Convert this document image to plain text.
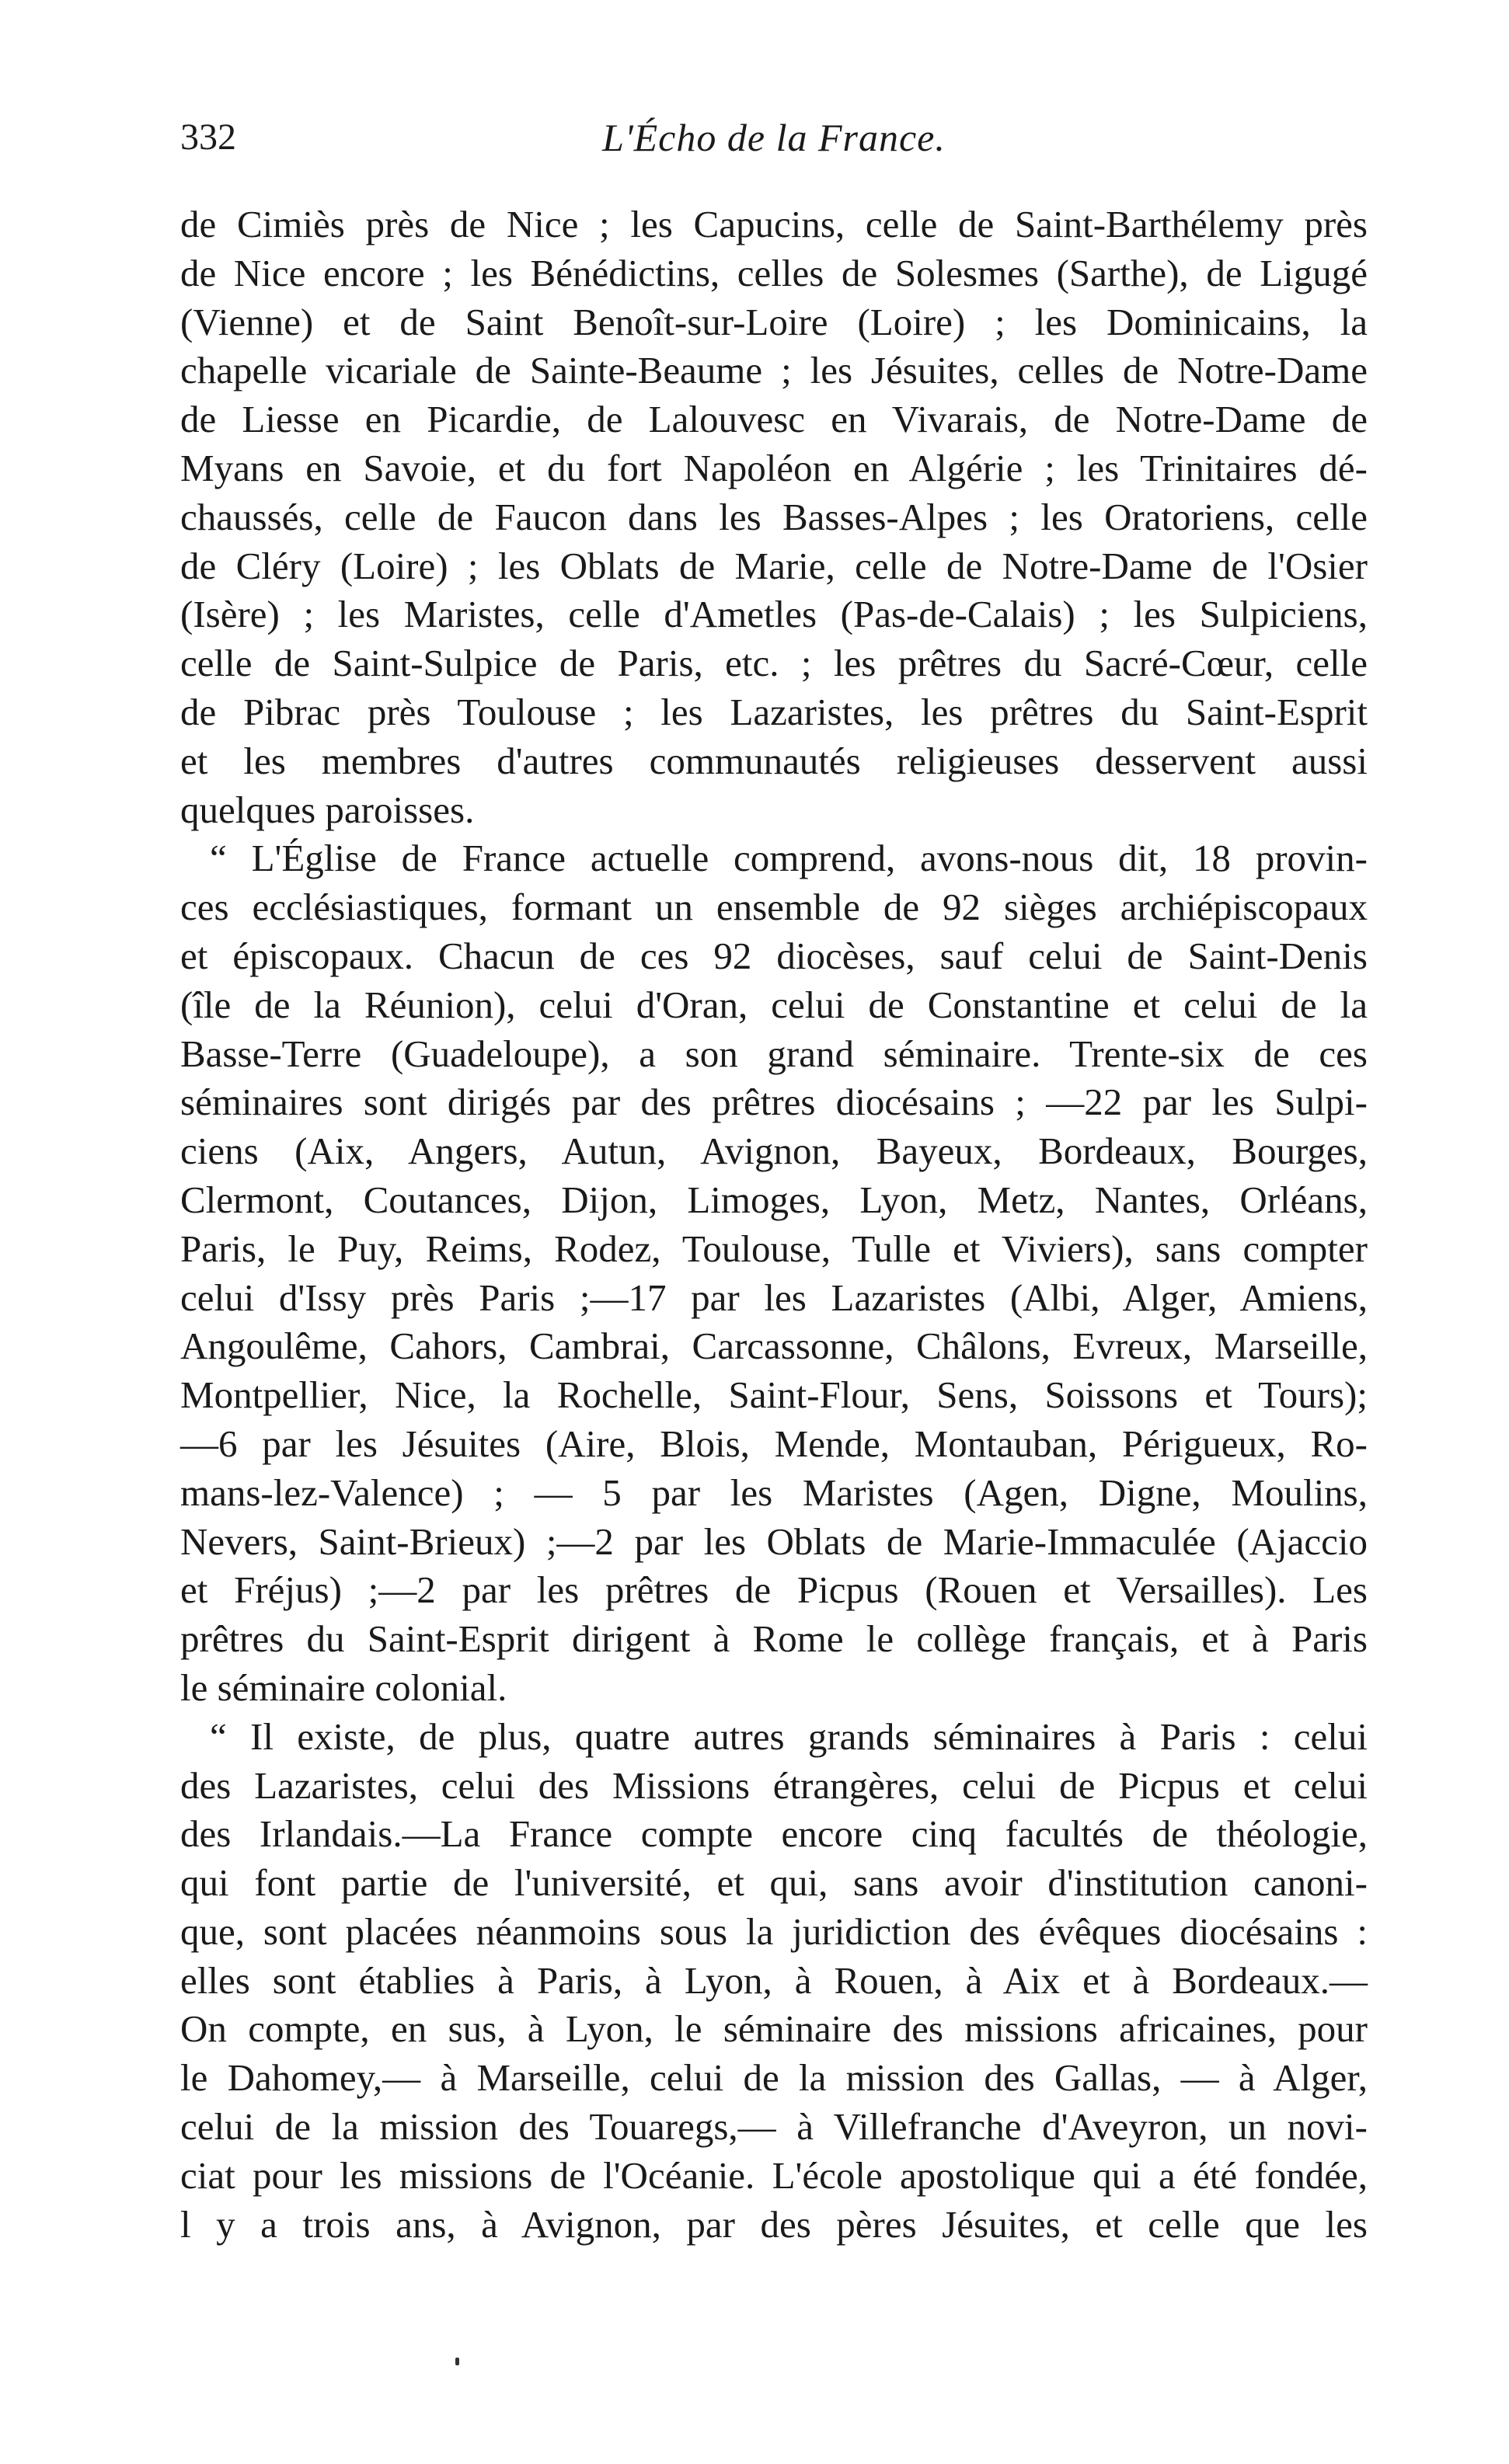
332	L'Écho de la France.
de Cimiès près de Nice ; les Capucins, celle de Saint-Barthélemy près
de Nice encore ; les Bénédictins, celles de Solesmes (Sarthe), de Ligugé
(Vienne) et de Saint Benoît-sur-Loire (Loire) ; les Dominicains, la
chapelle vicariale de Sainte-Beaume ; les Jésuites, celles de Notre-Dame
de Liesse en Picardie, de Lalouvesc en Vivarais, de Notre-Dame de
Myans en Savoie, et du fort Napoléon en Algérie ; les Trinitaires dé-
chaussés, celle de Faucon dans les Basses-Alpes ; les Oratoriens, celle
de Cléry (Loire) ; les Oblats de Marie, celle de Notre-Dame de l'Osier
(Isère) ; les Maristes, celle d'Ametles (Pas-de-Calais) ; les Sulpiciens,
celle de Saint-Sulpice de Paris, etc. ; les prêtres du Sacré-Cœur, celle
de Pibrac près Toulouse ; les Lazaristes, les prêtres du Saint-Esprit
et les membres d'autres communautés religieuses desservent aussi
quelques paroisses.
“ L'Église de France actuelle comprend, avons-nous dit, 18 provin-
ces ecclésiastiques, formant un ensemble de 92 sièges archiépiscopaux
et épiscopaux. Chacun de ces 92 diocèses, sauf celui de Saint-Denis
(île de la Réunion), celui d'Oran, celui de Constantine et celui de la
Basse-Terre (Guadeloupe), a son grand séminaire. Trente-six de ces
séminaires sont dirigés par des prêtres diocésains ; —22 par les Sulpi-
ciens (Aix, Angers, Autun, Avignon, Bayeux, Bordeaux, Bourges,
Clermont, Coutances, Dijon, Limoges, Lyon, Metz, Nantes, Orléans,
Paris, le Puy, Reims, Rodez, Toulouse, Tulle et Viviers), sans compter
celui d'Issy près Paris ;—17 par les Lazaristes (Albi, Alger, Amiens,
Angoulême, Cahors, Cambrai, Carcassonne, Châlons, Evreux, Marseille,
Montpellier, Nice, la Rochelle, Saint-Flour, Sens, Soissons et Tours);
—6 par les Jésuites (Aire, Blois, Mende, Montauban, Périgueux, Ro-
mans-lez-Valence) ; — 5 par les Maristes (Agen, Digne, Moulins,
Nevers, Saint-Brieux) ;—2 par les Oblats de Marie-Immaculée (Ajaccio
et Fréjus) ;—2 par les prêtres de Picpus (Rouen et Versailles). Les
prêtres du Saint-Esprit dirigent à Rome le collège français, et à Paris
le séminaire colonial.
“ Il existe, de plus, quatre autres grands séminaires à Paris : celui
des Lazaristes, celui des Missions étrangères, celui de Picpus et celui
des Irlandais.—La France compte encore cinq facultés de théologie,
qui font partie de l'université, et qui, sans avoir d'institution canoni-
que, sont placées néanmoins sous la juridiction des évêques diocésains :
elles sont établies à Paris, à Lyon, à Rouen, à Aix et à Bordeaux.—
On compte, en sus, à Lyon, le séminaire des missions africaines, pour
le Dahomey,— à Marseille, celui de la mission des Gallas, — à Alger,
celui de la mission des Touaregs,— à Villefranche d'Aveyron, un novi-
ciat pour les missions de l'Océanie. L'école apostolique qui a été fondée,
l y a trois ans, à Avignon, par des pères Jésuites, et celle que les
